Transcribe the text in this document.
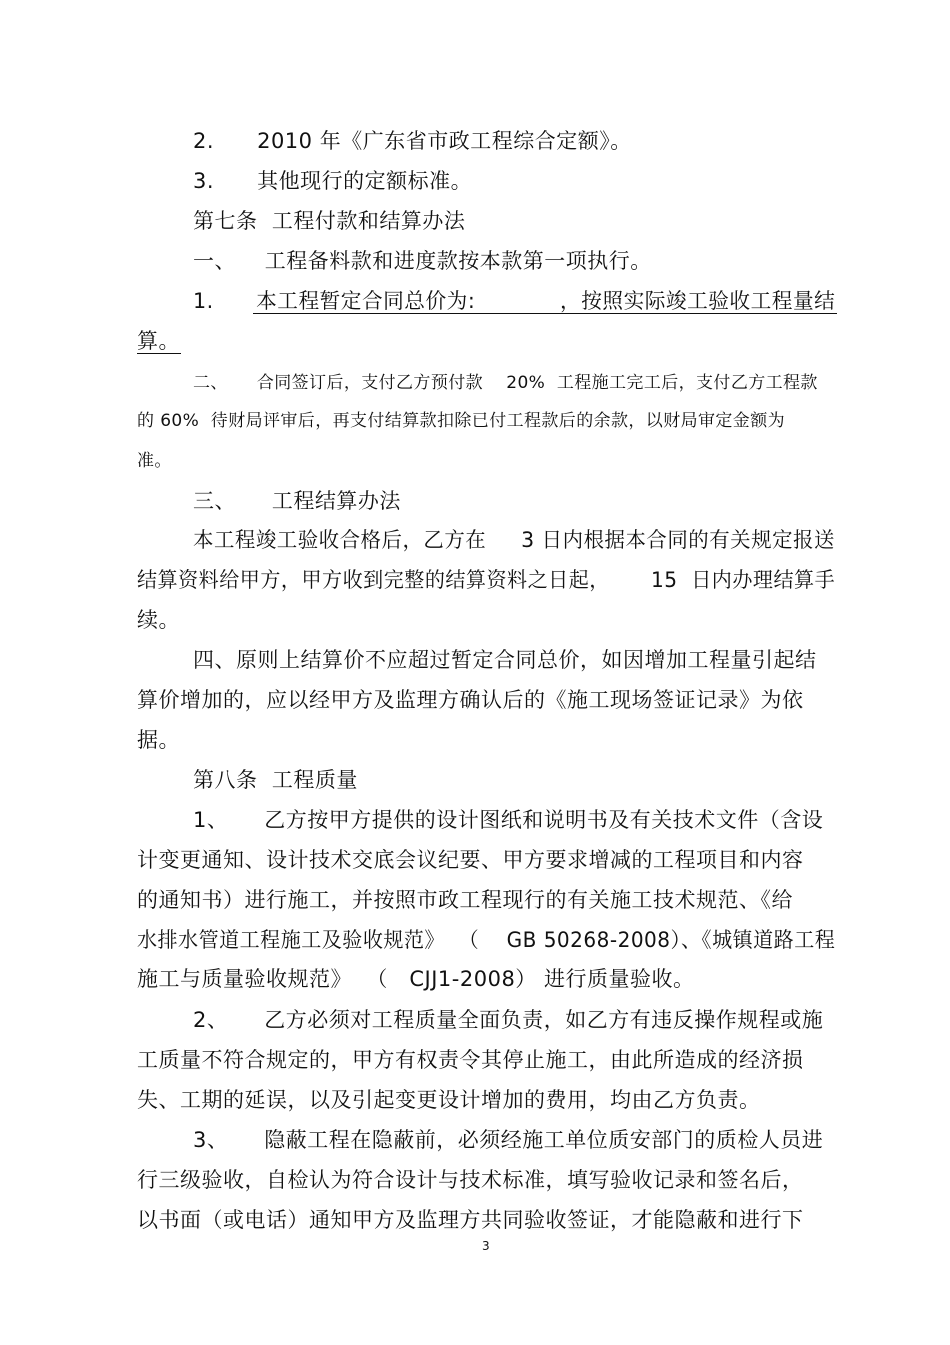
2.      2010 年《广东省市政工程综合定额》。
3.      其他现行的定额标准。
第七条  工程付款和结算办法
一、    工程备料款和进度款按本款第一项执行。
1.      本工程暂定合同总价为:            ，按照实际竣工验收工程量结
算。
二、     合同签订后，支付乙方预付款    20%  工程施工完工后，支付乙方工程款
的 60%  待财局评审后，再支付结算款扣除已付工程款后的余款，以财局审定金额为
准。
三、     工程结算办法
本工程竣工验收合格后，乙方在     3 日内根据本合同的有关规定报送
结算资料给甲方，甲方收到完整的结算资料之日起，      15  日内办理结算手
续。
四、原则上结算价不应超过暂定合同总价，如因增加工程量引起结
算价增加的，应以经甲方及监理方确认后的《施工现场签证记录》为依
据。
第八条  工程质量
1、     乙方按甲方提供的设计图纸和说明书及有关技术文件（含设
计变更通知、设计技术交底会议纪要、甲方要求增减的工程项目和内容
的通知书）进行施工，并按照市政工程现行的有关施工技术规范、《给
水排水管道工程施工及验收规范》  （    GB 50268-2008）、《城镇道路工程
施工与质量验收规范》  （   CJJ1-2008） 进行质量验收。
2、     乙方必须对工程质量全面负责，如乙方有违反操作规程或施
工质量不符合规定的，甲方有权责令其停止施工，由此所造成的经济损
失、工期的延误，以及引起变更设计增加的费用，均由乙方负责。
3、     隐蔽工程在隐蔽前，必须经施工单位质安部门的质检人员进
行三级验收，自检认为符合设计与技术标准，填写验收记录和签名后，
以书面（或电话）通知甲方及监理方共同验收签证，才能隐蔽和进行下
3
